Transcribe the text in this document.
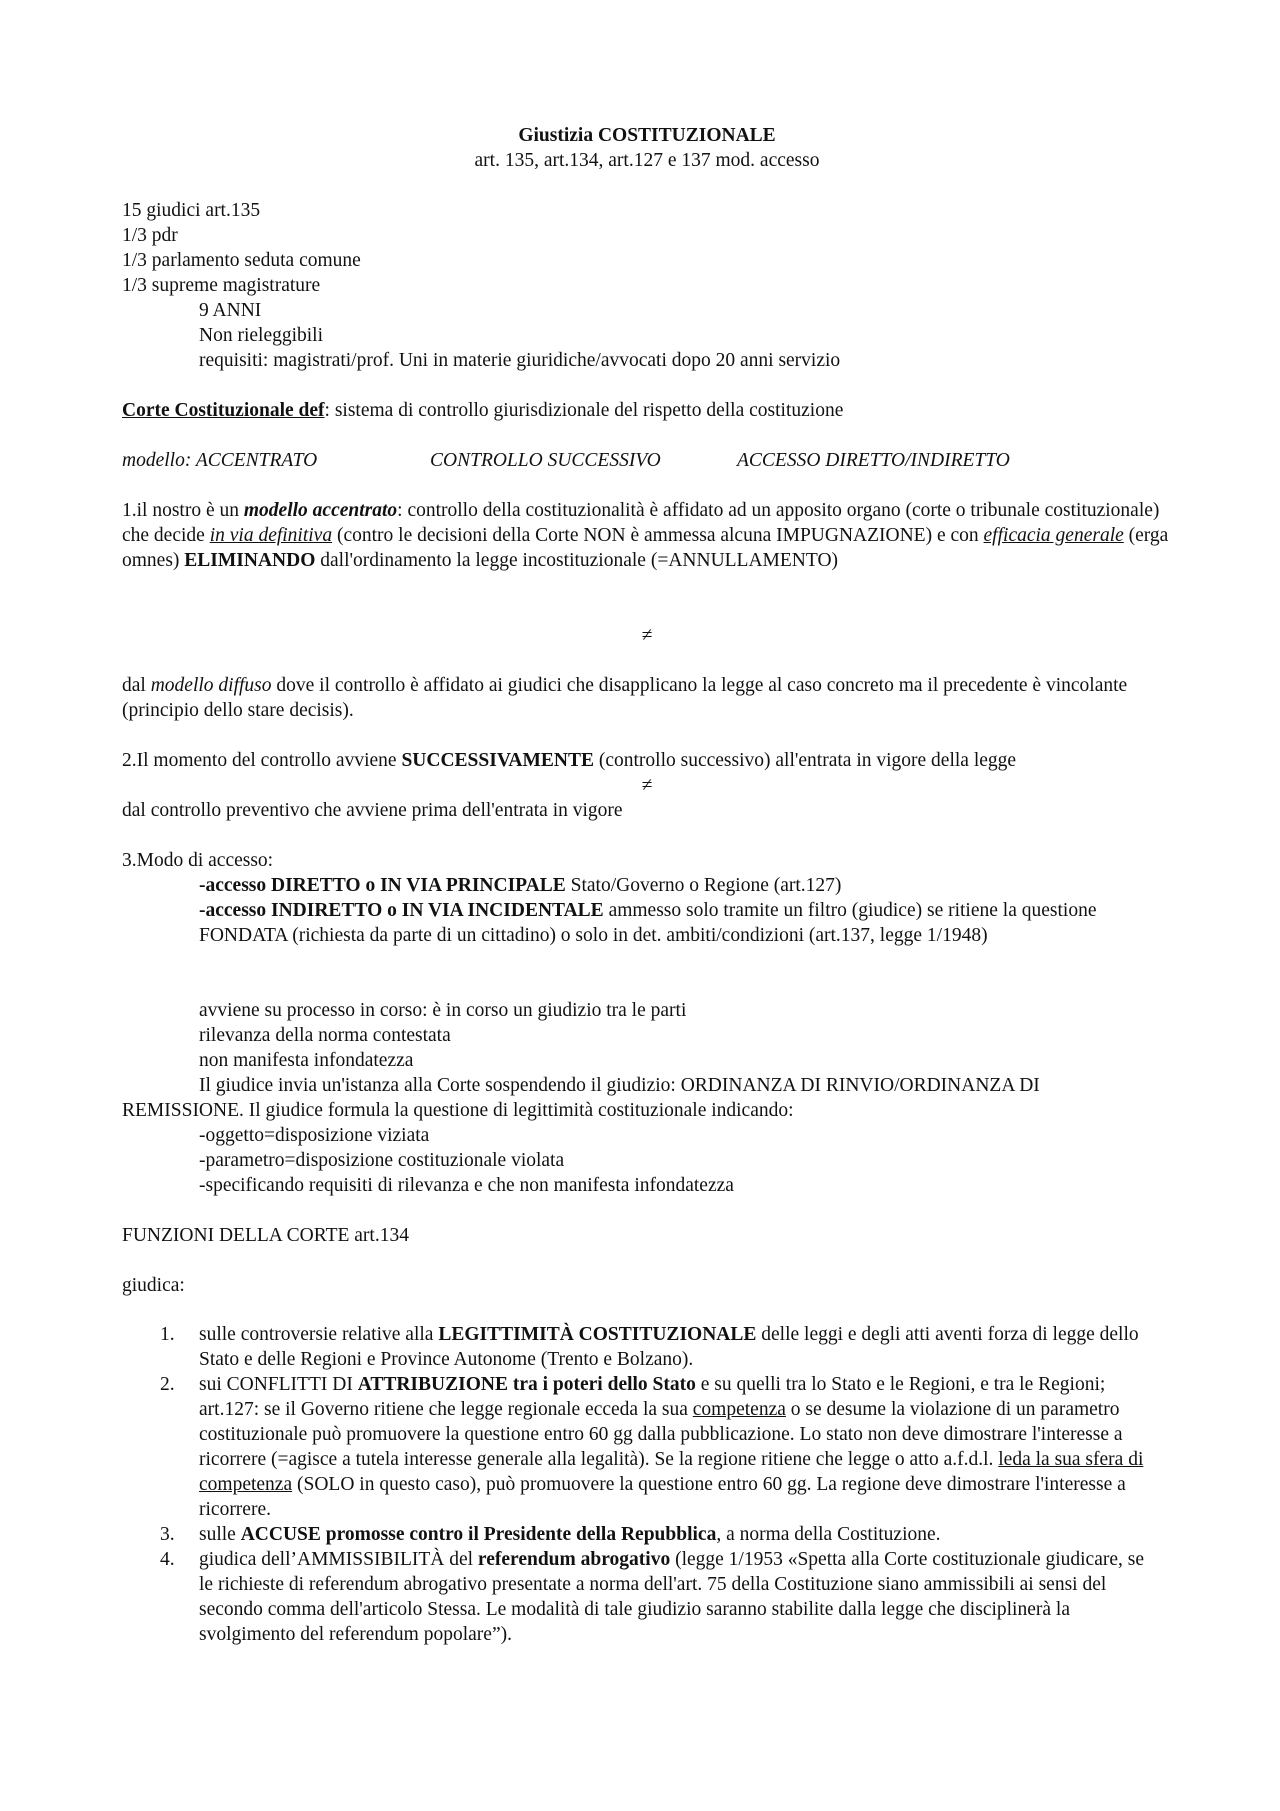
Giustizia COSTITUZIONALE
art. 135, art.134, art.127 e 137 mod. accesso
15 giudici art.135
1/3 pdr
1/3 parlamento seduta comune
1/3 supreme magistrature
9 ANNI
Non rieleggibili
requisiti: magistrati/prof. Uni in materie giuridiche/avvocati dopo 20 anni servizio
Corte Costituzionale def: sistema di controllo giurisdizionale del rispetto della costituzione
modello: ACCENTRATO	CONTROLLO SUCCESSIVO	ACCESSO DIRETTO/INDIRETTO
1.il nostro è un modello accentrato: controllo della costituzionalità è affidato ad un apposito organo (corte o tribunale costituzionale) che decide in via definitiva (contro le decisioni della Corte NON è ammessa alcuna IMPUGNAZIONE) e con efficacia generale (erga omnes) ELIMINANDO dall'ordinamento la legge incostituzionale (=ANNULLAMENTO)
≠
dal modello diffuso dove il controllo è affidato ai giudici che disapplicano la legge al caso concreto ma il precedente è vincolante (principio dello stare decisis).
2.Il momento del controllo avviene SUCCESSIVAMENTE (controllo successivo) all'entrata in vigore della legge
≠
dal controllo preventivo che avviene prima dell'entrata in vigore
3.Modo di accesso:
-accesso DIRETTO o IN VIA PRINCIPALE Stato/Governo o Regione (art.127)
-accesso INDIRETTO o IN VIA INCIDENTALE ammesso solo tramite un filtro (giudice) se ritiene la questione FONDATA (richiesta da parte di un cittadino) o solo in det. ambiti/condizioni (art.137, legge 1/1948)
avviene su processo in corso: è in corso un giudizio tra le parti
rilevanza della norma contestata
non manifesta infondatezza
Il giudice invia un'istanza alla Corte sospendendo il giudizio: ORDINANZA DI RINVIO/ORDINANZA DI
REMISSIONE. Il giudice formula la questione di legittimità costituzionale indicando:
-oggetto=disposizione viziata
-parametro=disposizione costituzionale violata
-specificando requisiti di rilevanza e che non manifesta infondatezza
FUNZIONI DELLA CORTE art.134
giudica:
1. sulle controversie relative alla LEGITTIMITÀ COSTITUZIONALE delle leggi e degli atti aventi forza di legge dello Stato e delle Regioni e Province Autonome (Trento e Bolzano).
2. sui CONFLITTI DI ATTRIBUZIONE tra i poteri dello Stato e su quelli tra lo Stato e le Regioni, e tra le Regioni;
art.127: se il Governo ritiene che legge regionale ecceda la sua competenza o se desume la violazione di un parametro costituzionale può promuovere la questione entro 60 gg dalla pubblicazione. Lo stato non deve dimostrare l'interesse a ricorrere (=agisce a tutela interesse generale alla legalità). Se la regione ritiene che legge o atto a.f.d.l. leda la sua sfera di competenza (SOLO in questo caso), può promuovere la questione entro 60 gg. La regione deve dimostrare l'interesse a ricorrere.
3. sulle ACCUSE promosse contro il Presidente della Repubblica, a norma della Costituzione.
4. giudica dell’AMMISSIBILITÀ del referendum abrogativo (legge 1/1953 «Spetta alla Corte costituzionale giudicare, se le richieste di referendum abrogativo presentate a norma dell'art. 75 della Costituzione siano ammissibili ai sensi del secondo comma dell'articolo Stessa. Le modalità di tale giudizio saranno stabilite dalla legge che disciplinerà la svolgimento del referendum popolare”).
